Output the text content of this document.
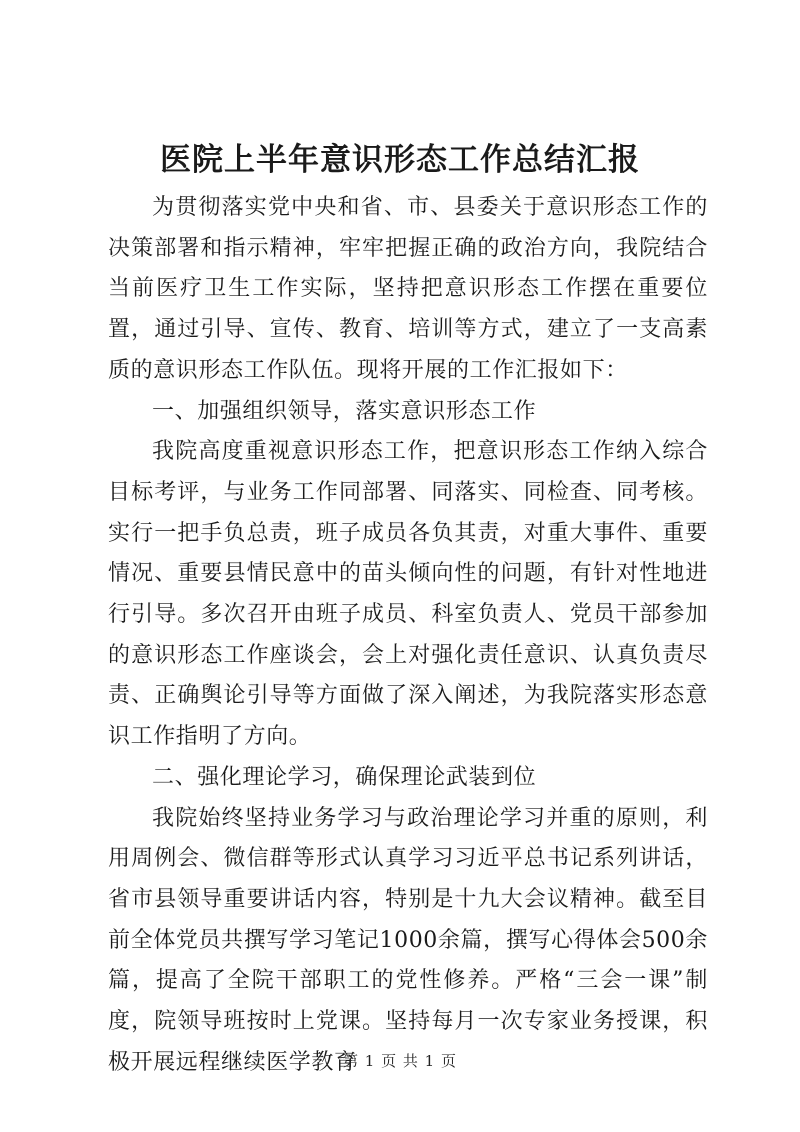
医院上半年意识形态工作总结汇报

为贯彻落实党中央和省、市、县委关于意识形态工作的决策部署和指示精神，牢牢把握正确的政治方向，我院结合当前医疗卫生工作实际，坚持把意识形态工作摆在重要位置，通过引导、宣传、教育、培训等方式，建立了一支高素质的意识形态工作队伍。现将开展的工作汇报如下：

一、加强组织领导，落实意识形态工作

我院高度重视意识形态工作，把意识形态工作纳入综合目标考评，与业务工作同部署、同落实、同检查、同考核。实行一把手负总责，班子成员各负其责，对重大事件、重要情况、重要县情民意中的苗头倾向性的问题，有针对性地进行引导。多次召开由班子成员、科室负责人、党员干部参加的意识形态工作座谈会，会上对强化责任意识、认真负责尽责、正确舆论引导等方面做了深入阐述，为我院落实形态意识工作指明了方向。

二、强化理论学习，确保理论武装到位

我院始终坚持业务学习与政治理论学习并重的原则，利用周例会、微信群等形式认真学习习近平总书记系列讲话，省市县领导重要讲话内容，特别是十九大会议精神。截至目前全体党员共撰写学习笔记1000余篇，撰写心得体会500余篇，提高了全院干部职工的党性修养。严格“三会一课”制度，院领导班按时上党课。坚持每月一次专家业务授课，积极开展远程继续医学教育

第 1 页 共 1 页
